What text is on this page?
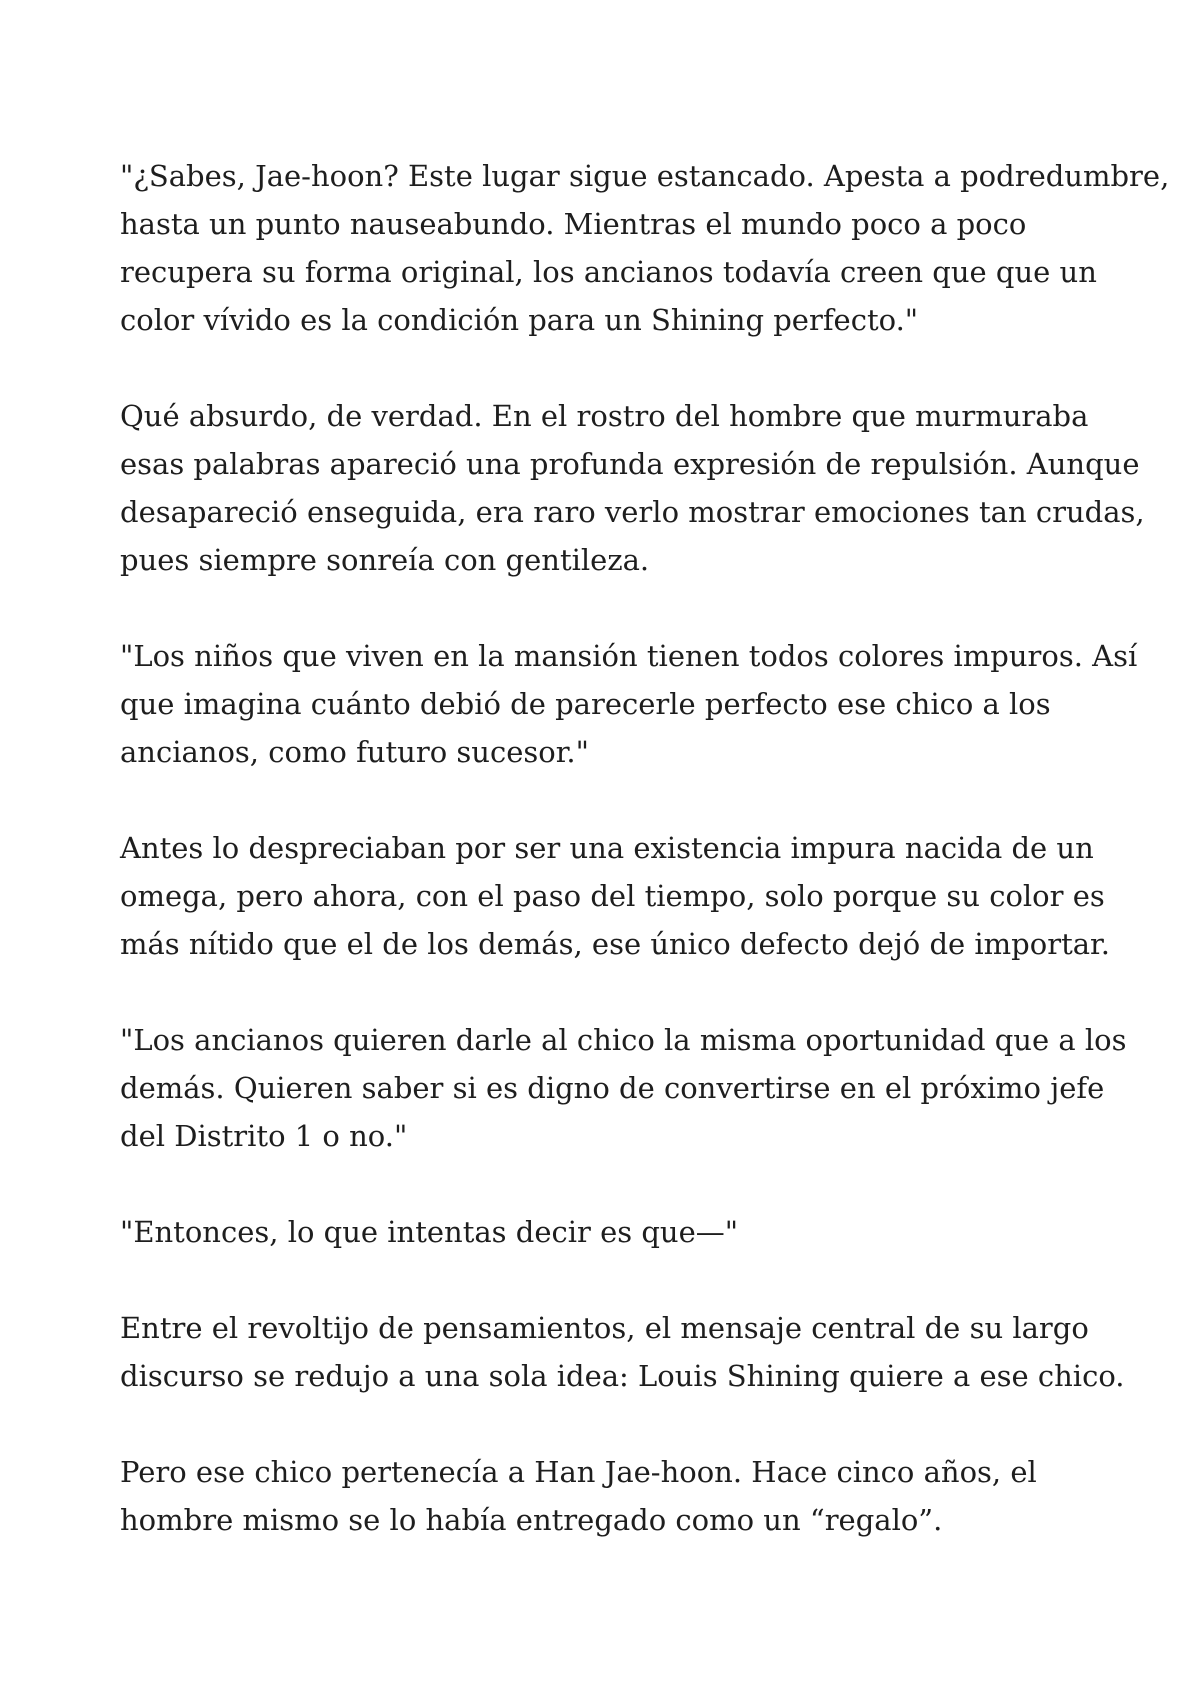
"¿Sabes, Jae-hoon? Este lugar sigue estancado. Apesta a podredumbre,
hasta un punto nauseabundo. Mientras el mundo poco a poco
recupera su forma original, los ancianos todavía creen que que un
color vívido es la condición para un Shining perfecto."
Qué absurdo, de verdad. En el rostro del hombre que murmuraba
esas palabras apareció una profunda expresión de repulsión. Aunque
desapareció enseguida, era raro verlo mostrar emociones tan crudas,
pues siempre sonreía con gentileza.
"Los niños que viven en la mansión tienen todos colores impuros. Así
que imagina cuánto debió de parecerle perfecto ese chico a los
ancianos, como futuro sucesor."
Antes lo despreciaban por ser una existencia impura nacida de un
omega, pero ahora, con el paso del tiempo, solo porque su color es
más nítido que el de los demás, ese único defecto dejó de importar.
"Los ancianos quieren darle al chico la misma oportunidad que a los
demás. Quieren saber si es digno de convertirse en el próximo jefe
del Distrito 1 o no."
"Entonces, lo que intentas decir es que—"
Entre el revoltijo de pensamientos, el mensaje central de su largo
discurso se redujo a una sola idea: Louis Shining quiere a ese chico.
Pero ese chico pertenecía a Han Jae-hoon. Hace cinco años, el
hombre mismo se lo había entregado como un “regalo”.
